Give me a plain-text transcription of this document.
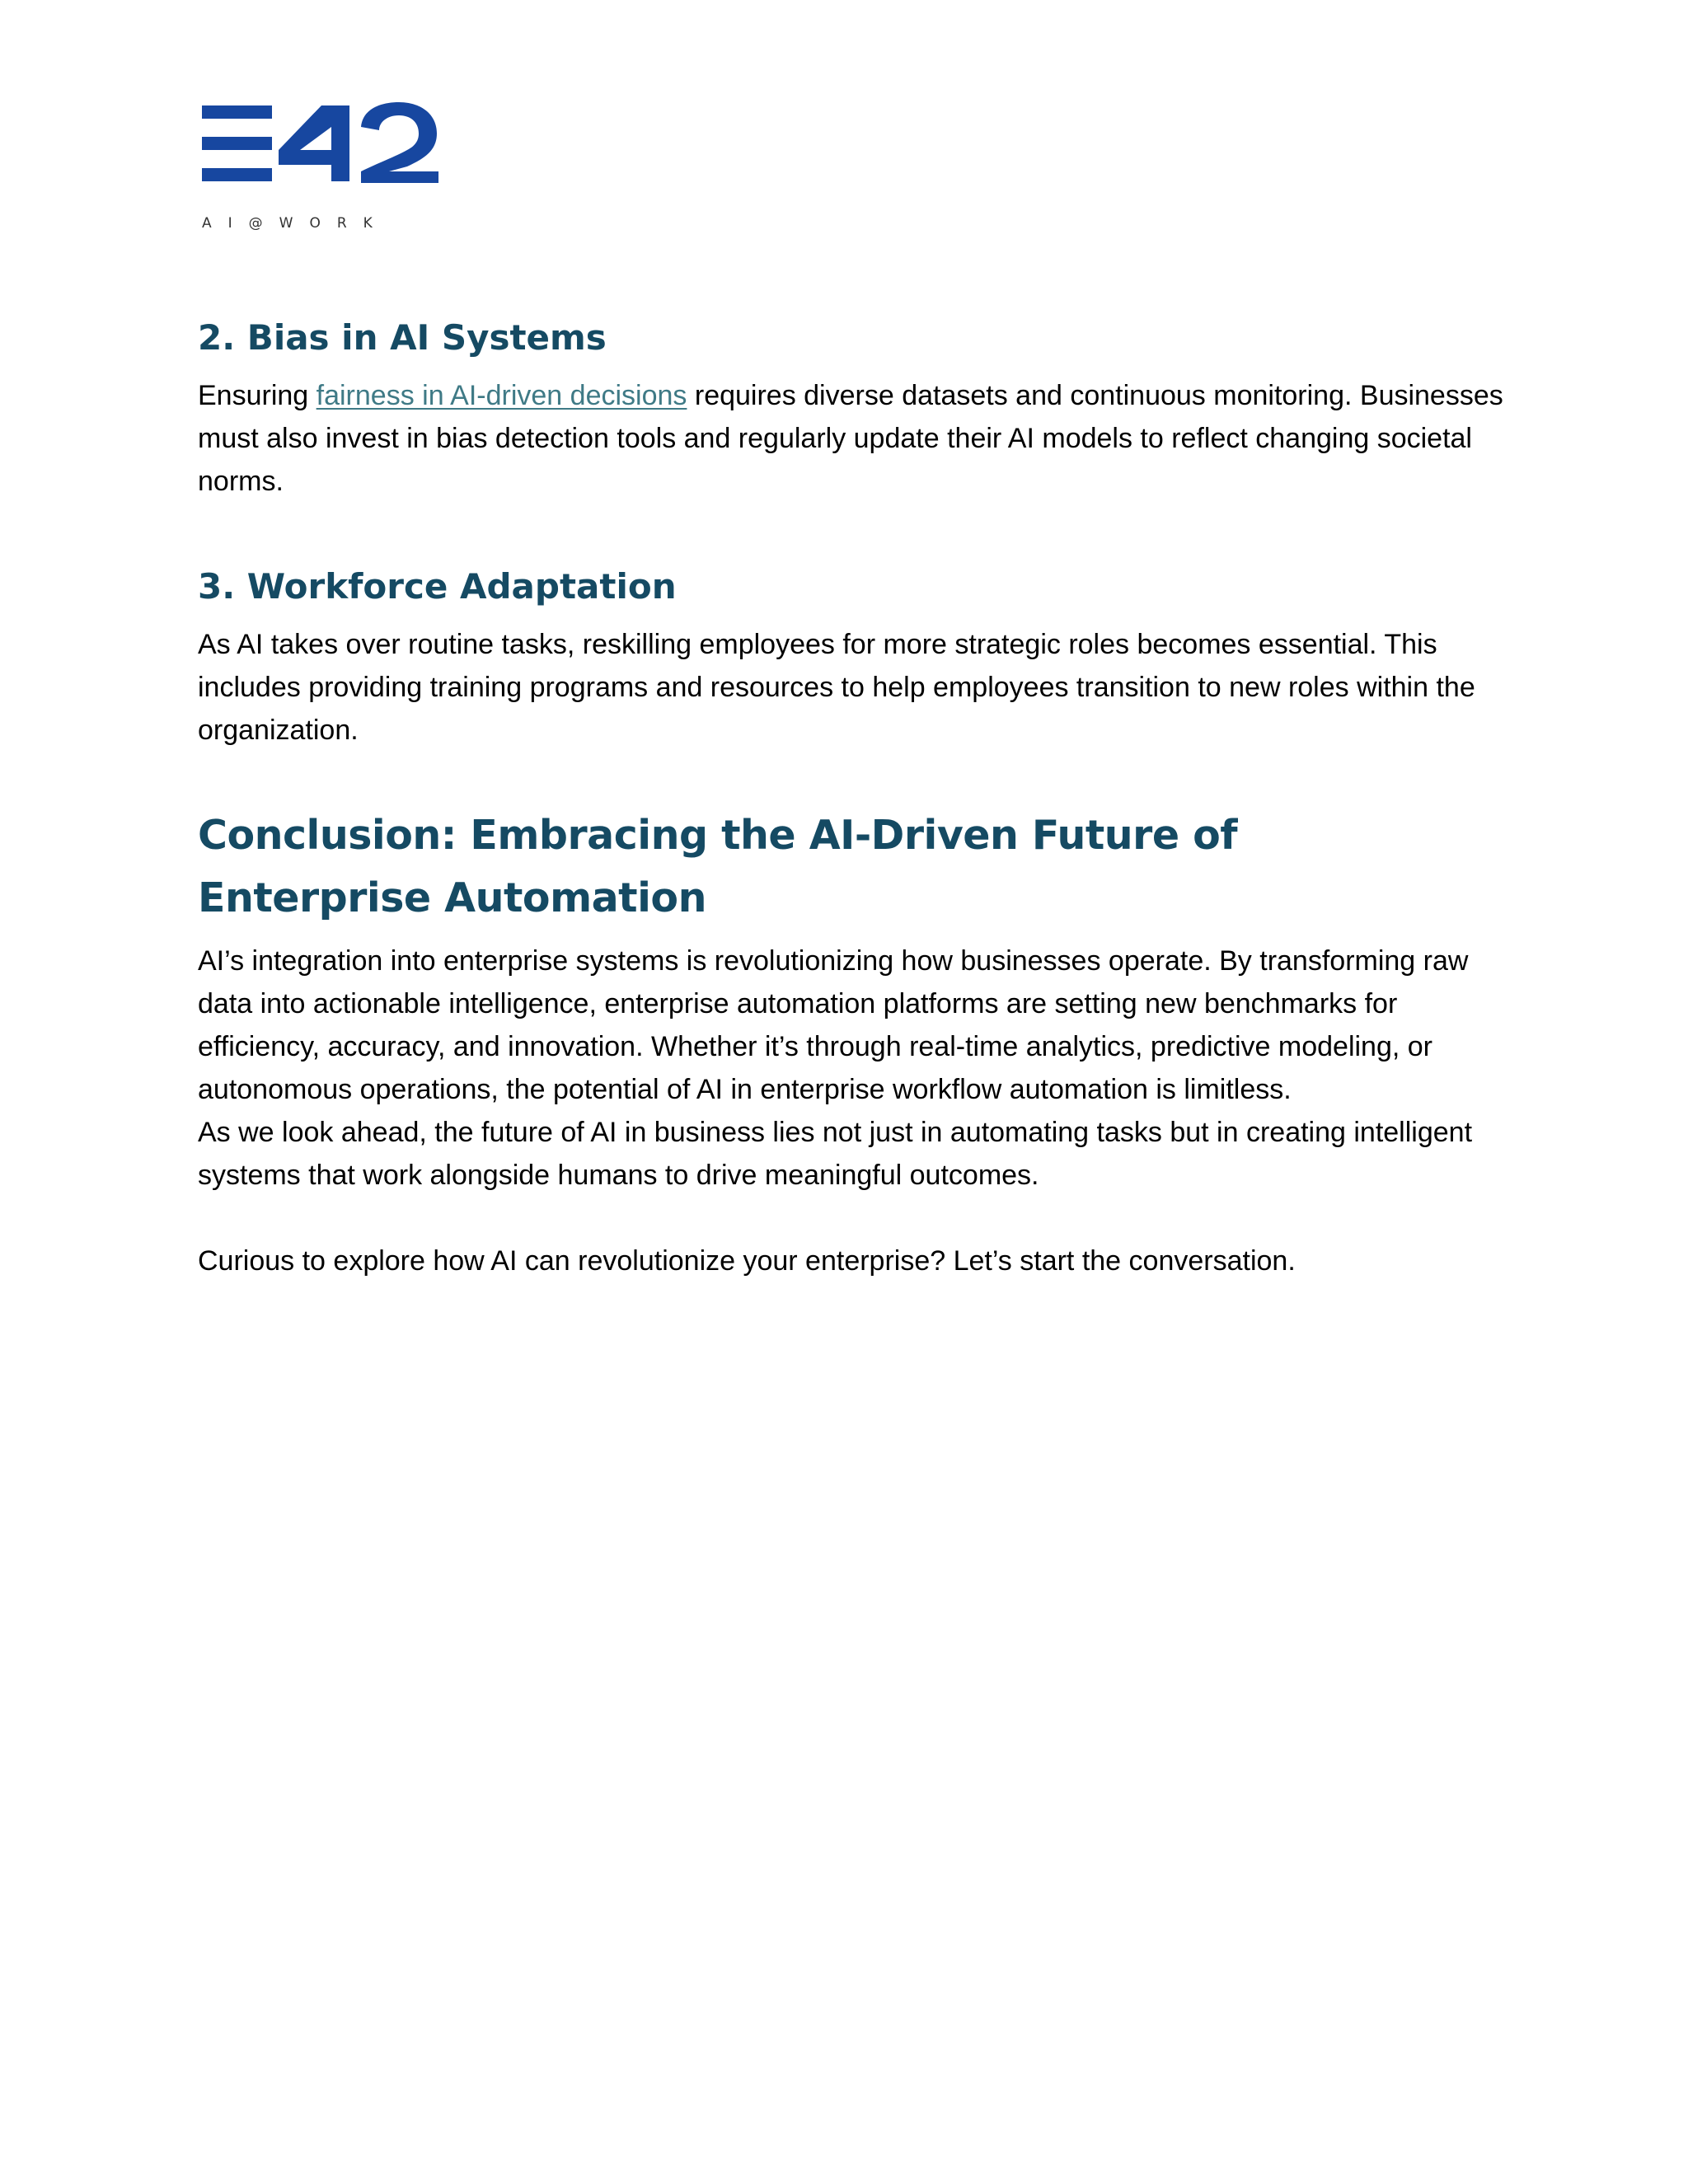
AI@WORK
2. Bias in AI Systems

Ensuring fairness in AI-driven decisions requires diverse datasets and continuous monitoring. Businesses must also invest in bias detection tools and regularly update their AI models to reflect changing societal norms.

3. Workforce Adaptation

As AI takes over routine tasks, reskilling employees for more strategic roles becomes essential. This includes providing training programs and resources to help employees transition to new roles within the organization.

Conclusion: Embracing the AI-Driven Future of Enterprise Automation

AI’s integration into enterprise systems is revolutionizing how businesses operate. By transforming raw data into actionable intelligence, enterprise automation platforms are setting new benchmarks for efficiency, accuracy, and innovation. Whether it’s through real-time analytics, predictive modeling, or autonomous operations, the potential of AI in enterprise workflow automation is limitless.

As we look ahead, the future of AI in business lies not just in automating tasks but in creating intelligent systems that work alongside humans to drive meaningful outcomes.

Curious to explore how AI can revolutionize your enterprise? Let’s start the conversation.
